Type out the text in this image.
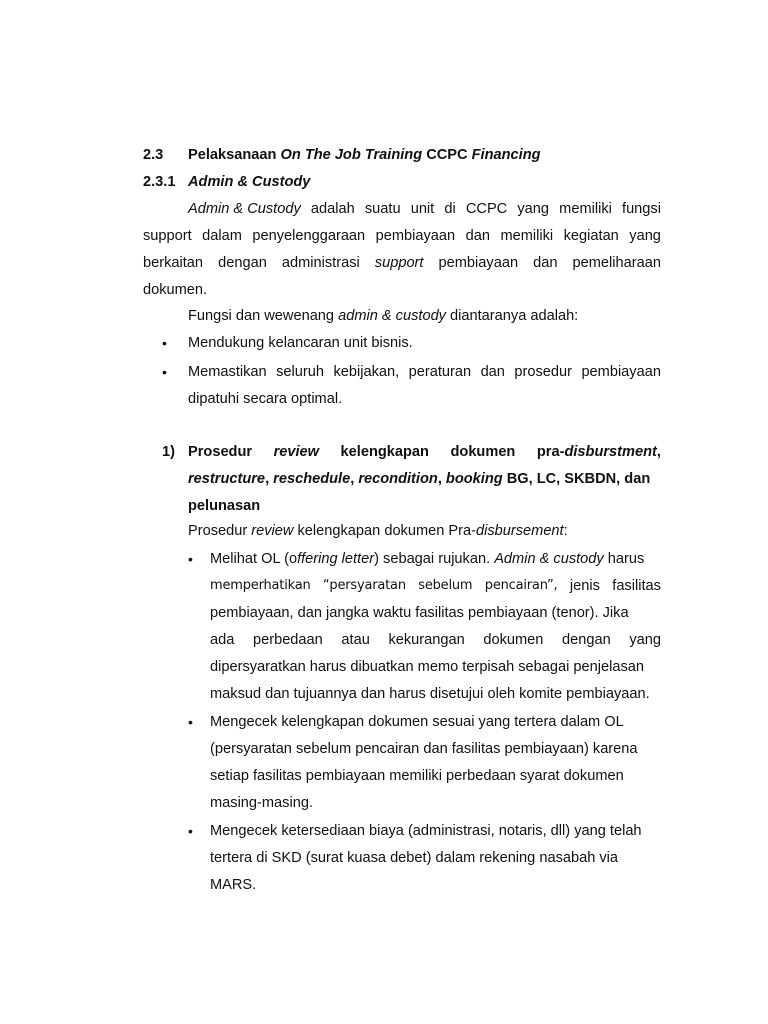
2.3 Pelaksanaan On The Job Training CCPC Financing
2.3.1 Admin & Custody
Admin & Custody adalah suatu unit di CCPC yang memiliki fungsi
support dalam penyelenggaraan pembiayaan dan memiliki kegiatan yang
berkaitan dengan administrasi support pembiayaan dan pemeliharaan
dokumen.
Fungsi dan wewenang admin & custody diantaranya adalah:
• Mendukung kelancaran unit bisnis.
• Memastikan seluruh kebijakan, peraturan dan prosedur pembiayaan
dipatuhi secara optimal.
1) Prosedur review kelengkapan dokumen pra-disburstment,
restructure, reschedule, recondition, booking BG, LC, SKBDN, dan
pelunasan
Prosedur review kelengkapan dokumen Pra-disbursement:
• Melihat OL (offering letter) sebagai rujukan. Admin & custody harus
memperhatikan “persyaratan sebelum pencairan”, jenis fasilitas
pembiayaan, dan jangka waktu fasilitas pembiayaan (tenor). Jika
ada perbedaan atau kekurangan dokumen dengan yang
dipersyaratkan harus dibuatkan memo terpisah sebagai penjelasan
maksud dan tujuannya dan harus disetujui oleh komite pembiayaan.
• Mengecek kelengkapan dokumen sesuai yang tertera dalam OL
(persyaratan sebelum pencairan dan fasilitas pembiayaan) karena
setiap fasilitas pembiayaan memiliki perbedaan syarat dokumen
masing-masing.
• Mengecek ketersediaan biaya (administrasi, notaris, dll) yang telah
tertera di SKD (surat kuasa debet) dalam rekening nasabah via
MARS.
